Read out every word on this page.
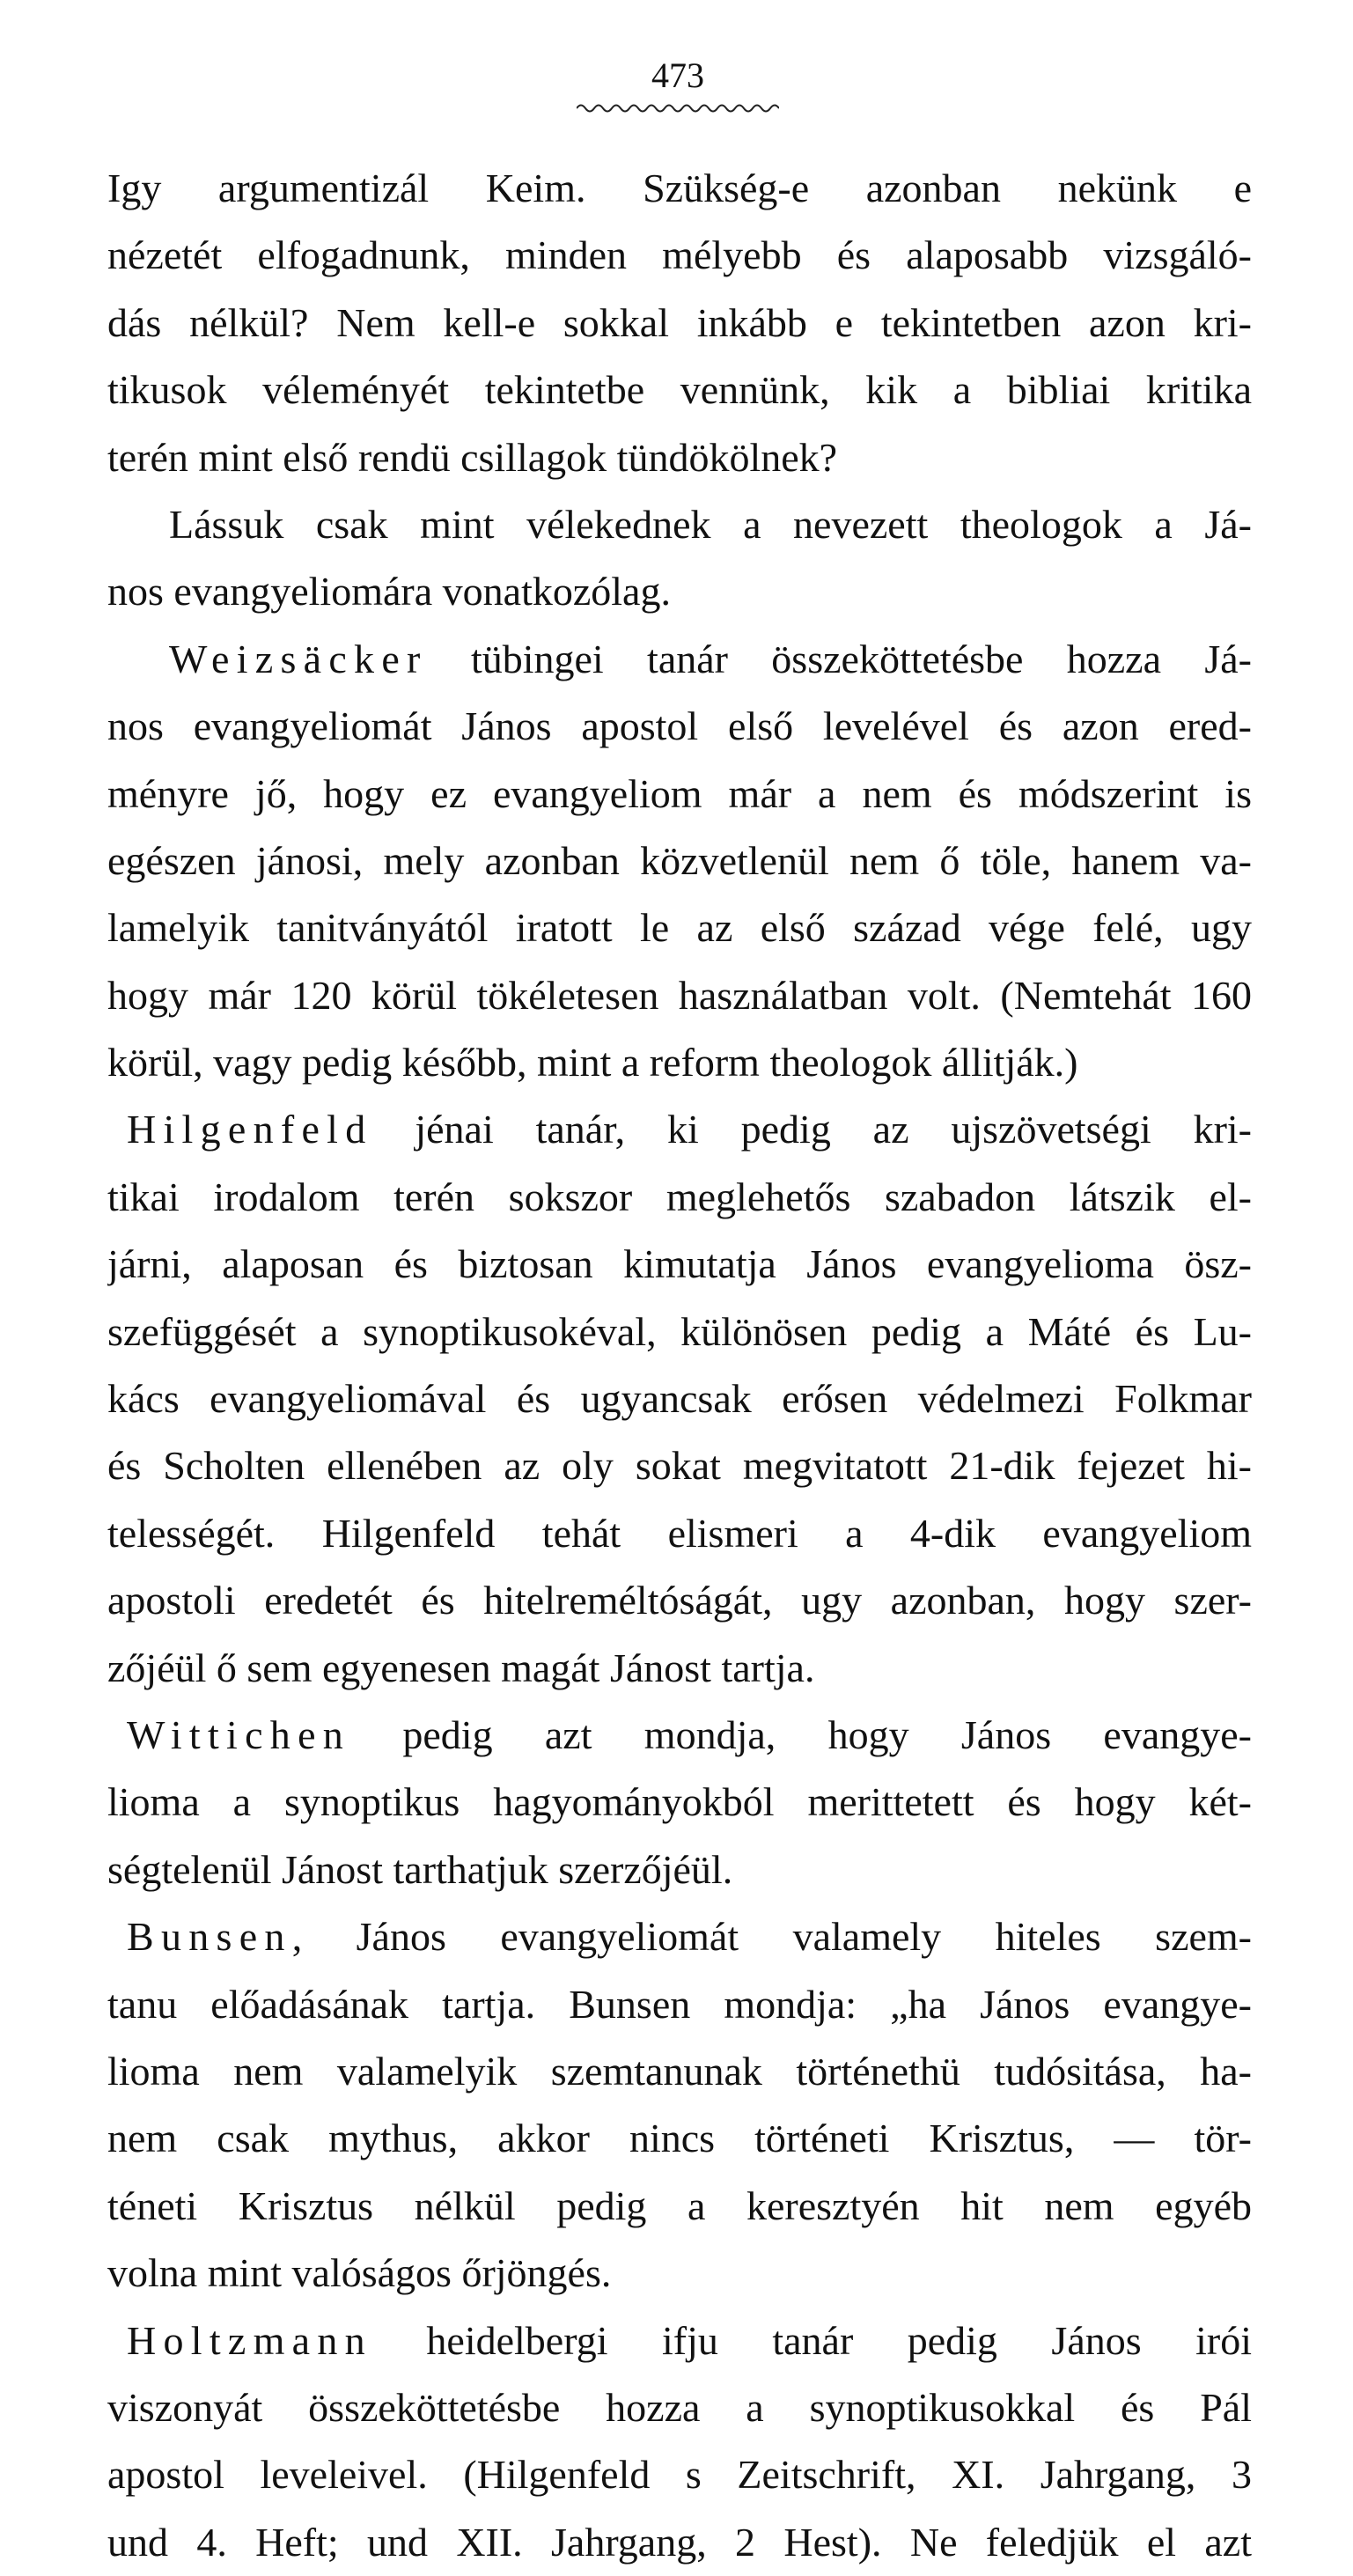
473
Igy argumentizál Keim. Szükség-e azonban nekünk e
nézetét elfogadnunk, minden mélyebb és alaposabb vizsgáló-
dás nélkül? Nem kell-e sokkal inkább e tekintetben azon kri-
tikusok véleményét tekintetbe vennünk, kik a bibliai kritika
terén mint első rendü csillagok tündökölnek?
Lássuk csak mint vélekednek a nevezett theologok a Já-
nos evangyeliomára vonatkozólag.
Weizsäcker tübingei tanár összeköttetésbe hozza Já-
nos evangyeliomát János apostol első levelével és azon ered-
ményre jő, hogy ez evangyeliom már a nem és módszerint is
egészen jánosi, mely azonban közvetlenül nem ő töle, hanem va-
lamelyik tanitványától iratott le az első század vége felé, ugy
hogy már 120 körül tökéletesen használatban volt. (Nemtehát 160
körül, vagy pedig később, mint a reform theologok állitják.)
Hilgenfeld jénai tanár, ki pedig az ujszövetségi kri-
tikai irodalom terén sokszor meglehetős szabadon látszik el-
járni, alaposan és biztosan kimutatja János evangyelioma ösz-
szefüggését a synoptikusokéval, különösen pedig a Máté és Lu-
kács evangyeliomával és ugyancsak erősen védelmezi Folkmar
és Scholten ellenében az oly sokat megvitatott 21-dik fejezet hi-
telességét. Hilgenfeld tehát elismeri a 4-dik evangyeliom
apostoli eredetét és hitelreméltóságát, ugy azonban, hogy szer-
zőjéül ő sem egyenesen magát Jánost tartja.
Wittichen pedig azt mondja, hogy János evangye-
lioma a synoptikus hagyományokból merittetett és hogy két-
ségtelenül Jánost tarthatjuk szerzőjéül.
Bunsen, János evangyeliomát valamely hiteles szem-
tanu előadásának tartja. Bunsen mondja: „ha János evangye-
lioma nem valamelyik szemtanunak történethü tudósitása, ha-
nem csak mythus, akkor nincs történeti Krisztus, — tör-
téneti Krisztus nélkül pedig a keresztyén hit nem egyéb
volna mint valóságos őrjöngés.
Holtzmann heidelbergi ifju tanár pedig János irói
viszonyát összeköttetésbe hozza a synoptikusokkal és Pál
apostol leveleivel. (Hilgenfeld s Zeitschrift, XI. Jahrgang, 3
und 4. Heft; und XII. Jahrgang, 2 Hest). Ne feledjük el azt
